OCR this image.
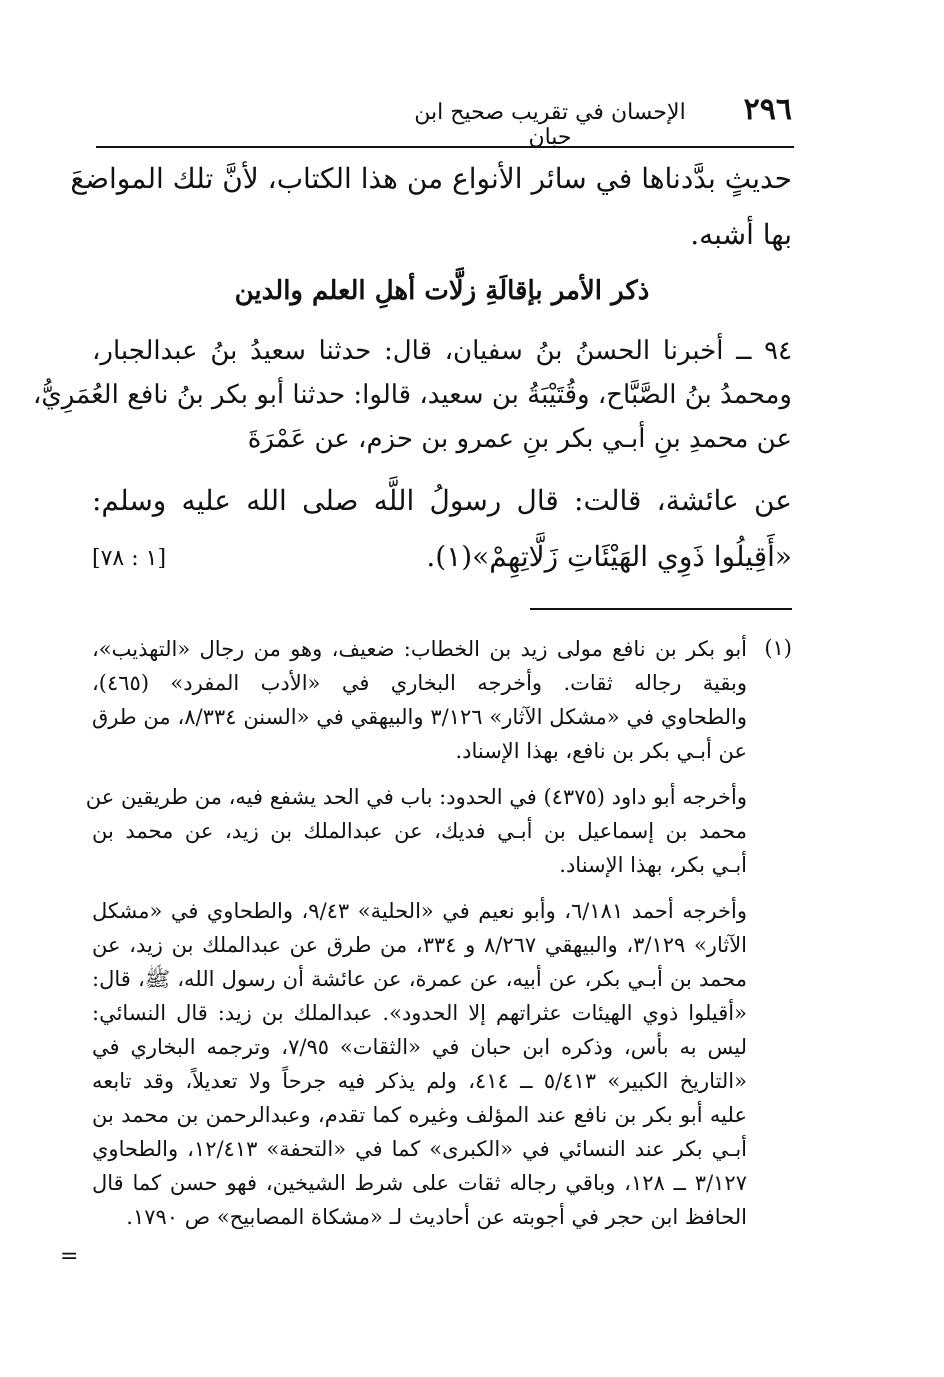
٢٩٦
الإحسان في تقريب صحيح ابن حبان
حديثٍ بدَّدناها في سائر الأنواع من هذا الكتاب، لأنَّ تلك المواضعَ
بها أشبه.
ذكر الأمر بإقالَةِ زلَّات أهلِ العلم والدين
٩٤ ــ أخبرنا الحسنُ بنُ سفيان، قال: حدثنا سعيدُ بنُ عبدالجبار،
ومحمدُ بنُ الصَّبَّاح، وقُتَيْبَةُ بن سعيد، قالوا: حدثنا أبو بكر بنُ نافع العُمَرِيُّ،
عن محمدِ بنِ أبـي بكر بنِ عمرو بن حزم، عن عَمْرَةَ
عن عائشة، قالت: قال رسولُ اللَّه صلى الله عليه وسلم:
«أَقِيلُوا ذَوِي الهَيْئَاتِ زَلَّاتِهِمْ»(١).
[١ : ٧٨]
(١)
أبو بكر بن نافع مولى زيد بن الخطاب: ضعيف، وهو من رجال «التهذيب»،
وبقية رجاله ثقات. وأخرجه البخاري في «الأدب المفرد» (٤٦٥)،
والطحاوي في «مشكل الآثار» ٣/١٢٦ والبيهقي في «السنن ٨/٣٣٤، من طرق
عن أبـي بكر بن نافع، بهذا الإسناد.
وأخرجه أبو داود (٤٣٧٥) في الحدود: باب في الحد يشفع فيه، من طريقين عن
محمد بن إسماعيل بن أبـي فديك، عن عبدالملك بن زيد، عن محمد بن
أبـي بكر، بهذا الإسناد.
وأخرجه أحمد ٦/١٨١، وأبو نعيم في «الحلية» ٩/٤٣، والطحاوي في «مشكل
الآثار» ٣/١٢٩، والبيهقي ٨/٢٦٧ و ٣٣٤، من طرق عن عبدالملك بن زيد، عن
محمد بن أبـي بكر، عن أبيه، عن عمرة، عن عائشة أن رسول الله، ﷺ، قال:
«أقيلوا ذوي الهيئات عثراتهم إلا الحدود». عبدالملك بن زيد: قال النسائي:
ليس به بأس، وذكره ابن حبان في «الثقات» ٧/٩٥، وترجمه البخاري في
«التاريخ الكبير» ٥/٤١٣ ــ ٤١٤، ولم يذكر فيه جرحاً ولا تعديلاً، وقد تابعه
عليه أبو بكر بن نافع عند المؤلف وغيره كما تقدم، وعبدالرحمن بن محمد بن
أبـي بكر عند النسائي في «الكبرى» كما في «التحفة» ١٢/٤١٣، والطحاوي
٣/١٢٧ ــ ١٢٨، وباقي رجاله ثقات على شرط الشيخين، فهو حسن كما قال
الحافظ ابن حجر في أجوبته عن أحاديث لـ «مشكاة المصابيح» ص ١٧٩٠.
=
